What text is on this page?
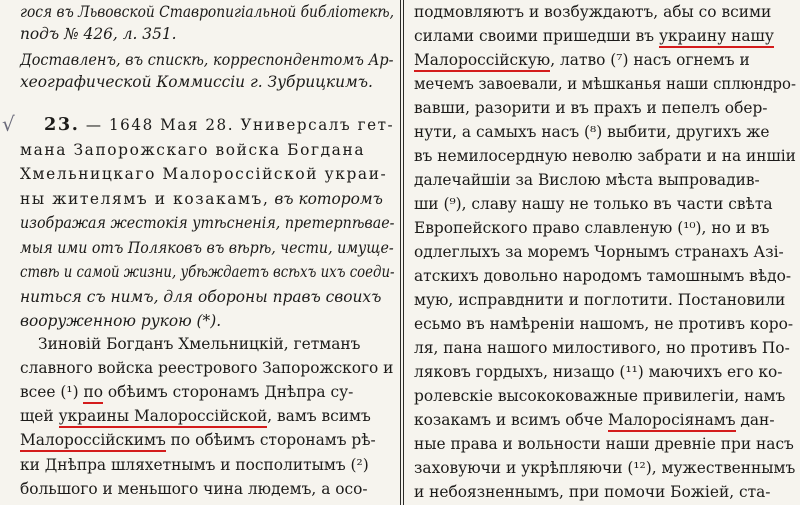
√
гося въ Львовской Ставропигіальной библіотекѣ,
подъ № 426, л. 351.
Доставленъ, въ спискѣ, корреспондентомъ Ар-
хеографической Коммиссіи г. Зубрицкимъ.
23. — 1648 Мая 28. Универсалъ гет-
мана Запорожскаго войска Богдана
Хмельницкаго Малороссійской украи-
ны жителямъ и козакамъ, въ которомъ
изображая жестокія утѣсненія, претерпѣвае-
мыя ими отъ Поляковъ въ вѣрѣ, чести, имуще-
ствѣ и самой жизни, убѣждаетъ всѣхъ ихъ соеди-
ниться съ нимъ, для обороны правъ своихъ
вооруженною рукою (*).
Зиновій Богданъ Хмельницкій, гетманъ
славного войска реестрового Запорожского и
всее (¹) по обѣимъ сторонамъ Днѣпра су-
щей украины Малороссійской, вамъ всимъ
Малороссійскимъ по обѣимъ сторонамъ рѣ-
ки Днѣпра шляхетнымъ и посполитымъ (²)
большого и меньшого чина людемъ, а осо-
подмовляютъ и возбуждаютъ, абы со всими
силами своими пришедши въ украину нашу
Малороссійскую, латво (⁷) насъ огнемъ и
мечемъ завоевали, и мѣшканья наши сплюндро-
вавши, разорити и въ прахъ и пепелъ обер-
нути, а самыхъ насъ (⁸) выбити, другихъ же
въ немилосердную неволю забрати и на иншіи
далечайшіи за Вислою мѣста выпровадив-
ши (⁹), славу нашу не только въ части свѣта
Европейского право славленую (¹⁰), но и въ
одлеглыхъ за моремъ Чорнымъ странахъ Азі-
атскихъ довольно народомъ тамошнымъ вѣдо-
мую, исправднити и поглотити. Постановили
есьмо въ намѣреніи нашомъ, не противъ коро-
ля, пана нашого милостивого, но противъ По-
ляковъ гордыхъ, низащо (¹¹) маючихъ его ко-
ролевскіе высококоважные привилегіи, намъ
козакамъ и всимъ обче Малоросіянамъ дан-
ные права и вольности наши древніе при насъ
заховуючи и укрѣпляючи (¹²), мужественнымъ
и небоязненнымъ, при помочи Божіей, ста-
